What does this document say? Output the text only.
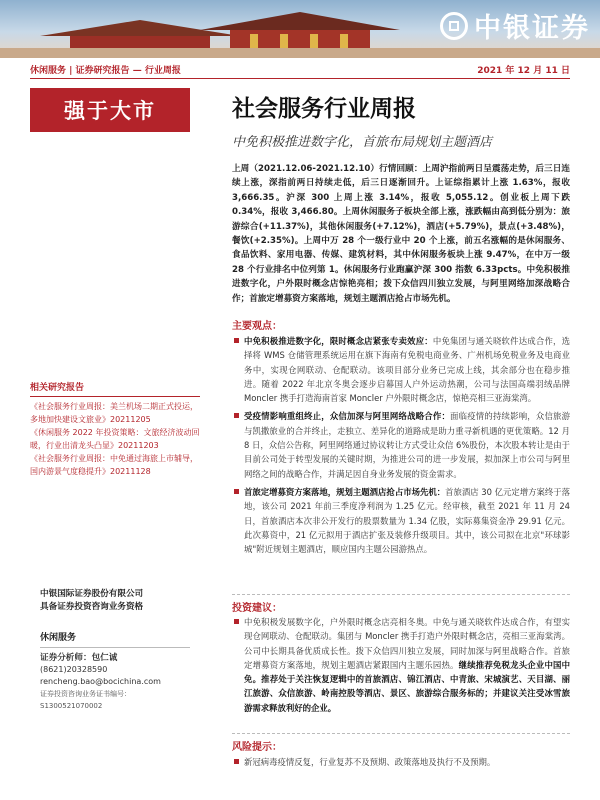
中银证券
休闲服务 | 证券研究报告 — 行业周报	2021 年 12 月 11 日
强于大市	社会服务行业周报
中免积极推进数字化，首旅布局规划主题酒店
上周（2021.12.06-2021.12.10）行情回顾：上周沪指前两日呈震荡走势，后三日连续上涨，深指前两日持续走低，后三日逐渐回升。上证综指累计上涨 1.63%，报收 3,666.35。沪深 300 上周上涨 3.14%，报收 5,055.12。创业板上周下跌 0.34%，报收 3,466.80。上周休闲服务子板块全部上涨，涨跌幅由高到低分别为：旅游综合(+11.37%)，其他休闲服务(+7.12%)，酒店(+5.79%)，景点(+3.48%)，餐饮(+2.35%)。上周中万 28 个一级行业中 20 个上涨，前五名涨幅的是休闲服务、食品饮料、家用电器、传媒、建筑材料，其中休闲服务板块上涨 9.47%，在中万一级 28 个行业排名中位列第 1。休闲服务行业跑赢沪深 300 指数 6.33pcts。中免积极推进数字化，户外限时概念店惊艳亮相；拨下众信四川独立发展，与阿里网络加深战略合作；首旅定增募资方案落地，规划主题酒店抢占市场先机。
主要观点：
中免积极推进数字化，限时概念店紧张专卖效应：中免集团与通关晓软件达成合作，选择将 WMS 仓储管理系统运用在旗下海南有免税电商业务、广州机场免税业务及电商业务中，实现仓网联动、仓配联动。该项目部分业务已完成上线，其余部分也在稳步推进。随着 2022 年北京冬奥会逐步启幕国人户外运动热潮，公司与法国高端羽绒品牌 Moncler 携手打造海南首家 Moncler 户外限时概念店，惊艳亮相三亚海棠湾。
受疫情影响重组终止，众信加深与阿里网络战略合作：面临疫情的持续影响，众信旅游与凯撒旅业的合并终止，走独立、差异化的道路成是助力重寻新机遇的更优策略。12 月 8 日，众信公告称，阿里网络通过协议转让方式受让众信 6%股份，本次股本转让是由于目前公司处于转型发展的关键时期，为推进公司的进一步发展，拟加深上市公司与阿里网络之间的战略合作，并满足因自身业务发展的资金需求。
首旅定增募资方案落地，规划主题酒店抢占市场先机：首旅酒店 30 亿元定增方案终于落地，该公司 2021 年前三季度净利润为 1.25 亿元。经审核，截至 2021 年 11 月 24 日，首旅酒店本次非公开发行的股票数量为 1.34 亿股，实际募集资金净 29.91 亿元。此次募资中，21 亿元拟用于酒店扩张及装修升级项目。其中，该公司拟在北京"环球影城"附近规划主题酒店，顺应国内主题公园游热点。
投资建议：
中免积极发展数字化，户外限时概念店亮相冬奥。中免与通关晓软件达成合作，有望实现仓网联动、仓配联动。集团与 Moncler 携手打造户外限时概念店，亮相三亚海棠湾。公司中长期具备优质成长性。拨下众信四川独立发展，同时加深与阿里战略合作。首旅定增募资方案落地，规划主题酒店紧跟国内主题乐园热。继续推荐免税龙头企业中国中免。推荐处于关注恢复逻辑中的首旅酒店、锦江酒店、中青旅、宋城演艺、天目湖、丽江旅游、众信旅游、岭南控股等酒店、景区、旅游综合服务标的；并建议关注受冰雪旅游需求释放利好的企业。
风险提示：
新冠病毒疫情反复，行业复苏不及预期、政策落地及执行不及预期。
相关研究报告
《社会服务行业周报：美兰机场二期正式投运，多地加快建设文旅业》20211205
《休闲服务 2022 年投资策略：文旅经济波动回暖，行业出清龙头凸显》20211203
《社会服务行业周报：中免通过海旅上市辅导，国内游景气度稳提升》20211128
中银国际证券股份有限公司
具备证券投资咨询业务资格
休闲服务
证券分析师：包仁诚
(8621)20328590
rencheng.bao@bocichina.com
证券投资咨询业务证书编号：S1300521070002
